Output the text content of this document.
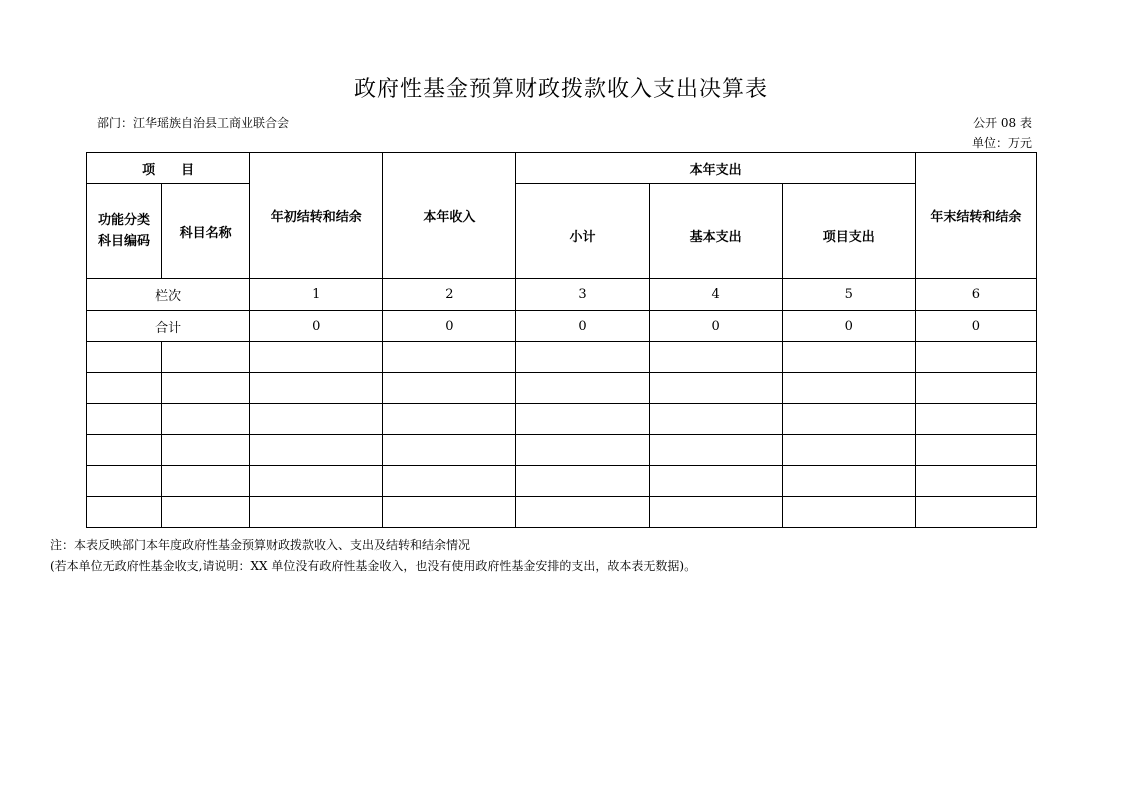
政府性基金预算财政拨款收入支出决算表
部门：江华瑶族自治县工商业联合会	公开 08 表
单位：万元
项　　目		年初结转和结余	本年收入	本年支出			年末结转和结余
功能分类科目编码	科目名称			小计	基本支出	项目支出	
栏次		1	2	3	4	5	6
合计		0	0	0	0	0	0

注：本表反映部门本年度政府性基金预算财政拨款收入、支出及结转和结余情况
(若本单位无政府性基金收支,请说明：XX 单位没有政府性基金收入，也没有使用政府性基金安排的支出，故本表无数据)。
